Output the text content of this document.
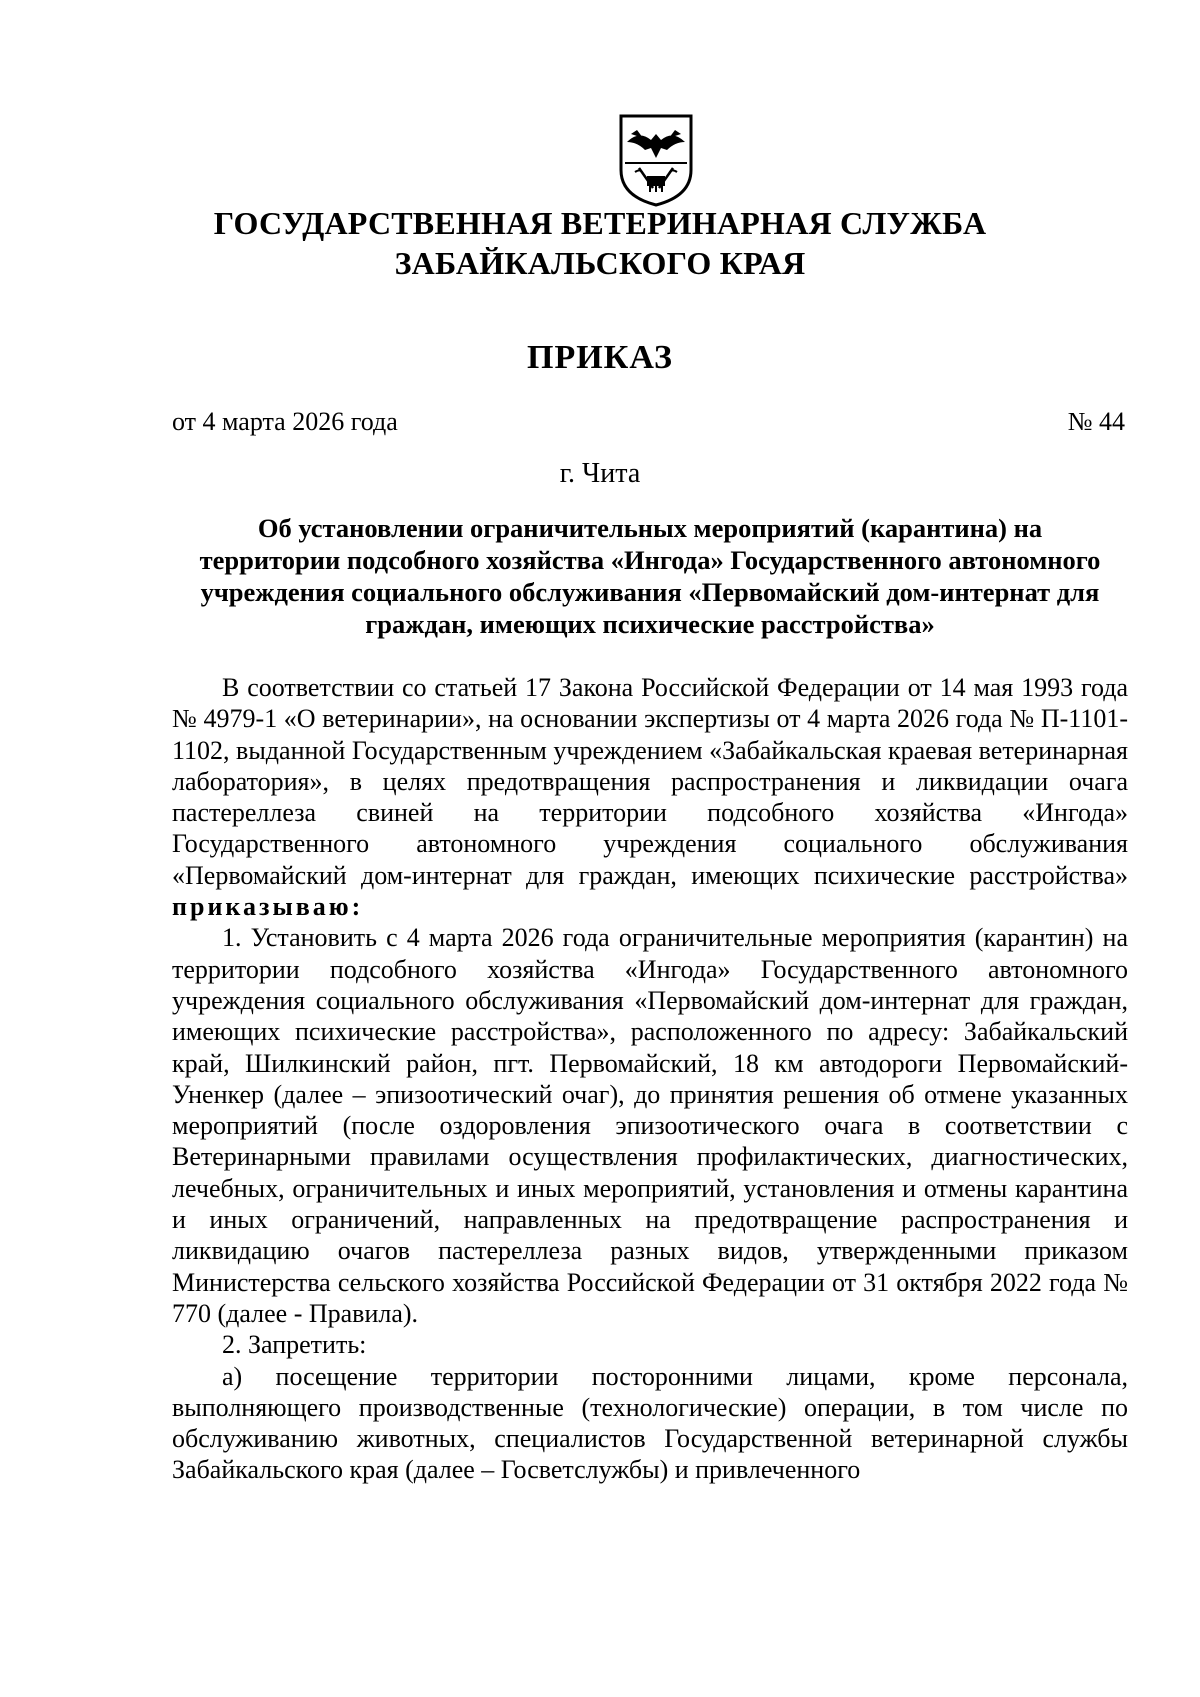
ГОСУДАРСТВЕННАЯ ВЕТЕРИНАРНАЯ СЛУЖБА
ЗАБАЙКАЛЬСКОГО КРАЯ
ПРИКАЗ
от 4 марта 2026 года	№ 44
г. Чита
Об установлении ограничительных мероприятий (карантина) на
территории подсобного хозяйства «Ингода» Государственного автономного
учреждения социального обслуживания «Первомайский дом-интернат для
граждан, имеющих психические расстройства»

В соответствии со статьей 17 Закона Российской Федерации от 14 мая 1993 года № 4979-1 «О ветеринарии», на основании экспертизы от 4 марта 2026 года № П-1101-1102, выданной Государственным учреждением «Забайкальская краевая ветеринарная лаборатория», в целях предотвращения распространения и ликвидации очага пастереллеза свиней на территории подсобного хозяйства «Ингода» Государственного автономного учреждения социального обслуживания «Первомайский дом-интернат для граждан, имеющих психические расстройства» приказываю:

1. Установить с 4 марта 2026 года ограничительные мероприятия (карантин) на территории подсобного хозяйства «Ингода» Государственного автономного учреждения социального обслуживания «Первомайский дом-интернат для граждан, имеющих психические расстройства», расположенного по адресу: Забайкальский край, Шилкинский район, пгт. Первомайский, 18 км автодороги Первомайский-Уненкер (далее – эпизоотический очаг), до принятия решения об отмене указанных мероприятий (после оздоровления эпизоотического очага в соответствии с Ветеринарными правилами осуществления профилактических, диагностических, лечебных, ограничительных и иных мероприятий, установления и отмены карантина и иных ограничений, направленных на предотвращение распространения и ликвидацию очагов пастереллеза разных видов, утвержденными приказом Министерства сельского хозяйства Российской Федерации от 31 октября 2022 года № 770 (далее - Правила).

2. Запретить:

а) посещение территории посторонними лицами, кроме персонала, выполняющего производственные (технологические) операции, в том числе по обслуживанию животных, специалистов Государственной ветеринарной службы Забайкальского края (далее – Госветслужбы) и привлеченного
